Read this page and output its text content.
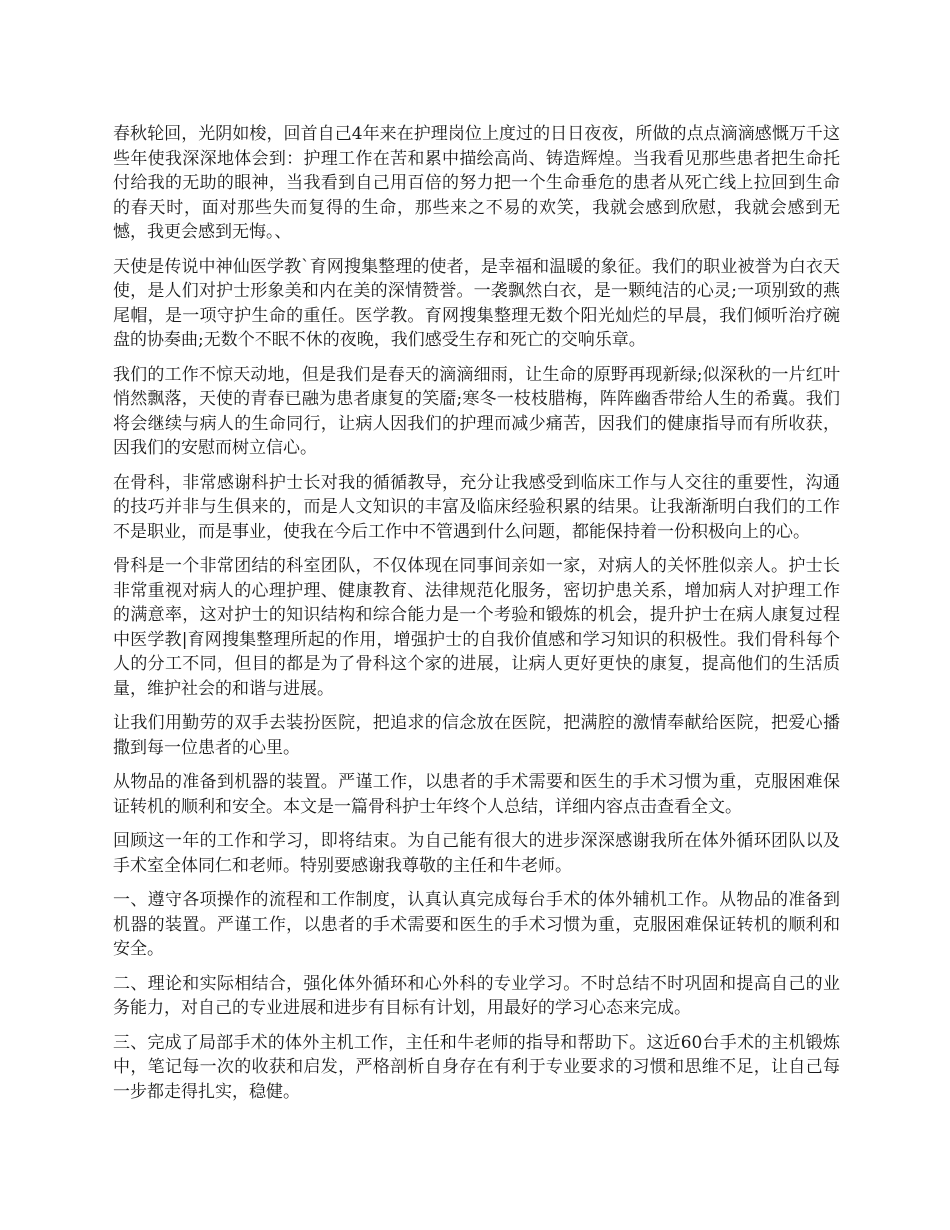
春秋轮回，光阴如梭，回首自己4年来在护理岗位上度过的日日夜夜，所做的点点滴滴感慨万千这些年使我深深地体会到：护理工作在苦和累中描绘高尚、铸造辉煌。当我看见那些患者把生命托付给我的无助的眼神，当我看到自己用百倍的努力把一个生命垂危的患者从死亡线上拉回到生命的春天时，面对那些失而复得的生命，那些来之不易的欢笑，我就会感到欣慰，我就会感到无憾，我更会感到无悔。、

天使是传说中神仙医学教`育网搜集整理的使者，是幸福和温暖的象征。我们的职业被誉为白衣天使，是人们对护士形象美和内在美的深情赞誉。一袭飘然白衣，是一颗纯洁的心灵;一项别致的燕尾帽，是一项守护生命的重任。医学教。育网搜集整理无数个阳光灿烂的早晨，我们倾听治疗碗盘的协奏曲;无数个不眠不休的夜晚，我们感受生存和死亡的交响乐章。

我们的工作不惊天动地，但是我们是春天的滴滴细雨，让生命的原野再现新绿;似深秋的一片红叶悄然飘落，天使的青春已融为患者康复的笑靥;寒冬一枝枝腊梅，阵阵幽香带给人生的希冀。我们将会继续与病人的生命同行，让病人因我们的护理而减少痛苦，因我们的健康指导而有所收获，因我们的安慰而树立信心。

在骨科，非常感谢科护士长对我的循循教导，充分让我感受到临床工作与人交往的重要性，沟通的技巧并非与生俱来的，而是人文知识的丰富及临床经验积累的结果。让我渐渐明白我们的工作不是职业，而是事业，使我在今后工作中不管遇到什么问题，都能保持着一份积极向上的心。

骨科是一个非常团结的科室团队，不仅体现在同事间亲如一家，对病人的关怀胜似亲人。护士长非常重视对病人的心理护理、健康教育、法律规范化服务，密切护患关系，增加病人对护理工作的满意率，这对护士的知识结构和综合能力是一个考验和锻炼的机会，提升护士在病人康复过程中医学教|育网搜集整理所起的作用，增强护士的自我价值感和学习知识的积极性。我们骨科每个人的分工不同，但目的都是为了骨科这个家的进展，让病人更好更快的康复，提高他们的生活质量，维护社会的和谐与进展。

让我们用勤劳的双手去装扮医院，把追求的信念放在医院，把满腔的激情奉献给医院，把爱心播撒到每一位患者的心里。

从物品的准备到机器的装置。严谨工作，以患者的手术需要和医生的手术习惯为重，克服困难保证转机的顺利和安全。本文是一篇骨科护士年终个人总结，详细内容点击查看全文。

回顾这一年的工作和学习，即将结束。为自己能有很大的进步深深感谢我所在体外循环团队以及手术室全体同仁和老师。特别要感谢我尊敬的主任和牛老师。

一、遵守各项操作的流程和工作制度，认真认真完成每台手术的体外辅机工作。从物品的准备到机器的装置。严谨工作，以患者的手术需要和医生的手术习惯为重，克服困难保证转机的顺利和安全。

二、理论和实际相结合，强化体外循环和心外科的专业学习。不时总结不时巩固和提高自己的业务能力，对自己的专业进展和进步有目标有计划，用最好的学习心态来完成。

三、完成了局部手术的体外主机工作，主任和牛老师的指导和帮助下。这近60台手术的主机锻炼中，笔记每一次的收获和启发，严格剖析自身存在有利于专业要求的习惯和思维不足，让自己每一步都走得扎实，稳健。
